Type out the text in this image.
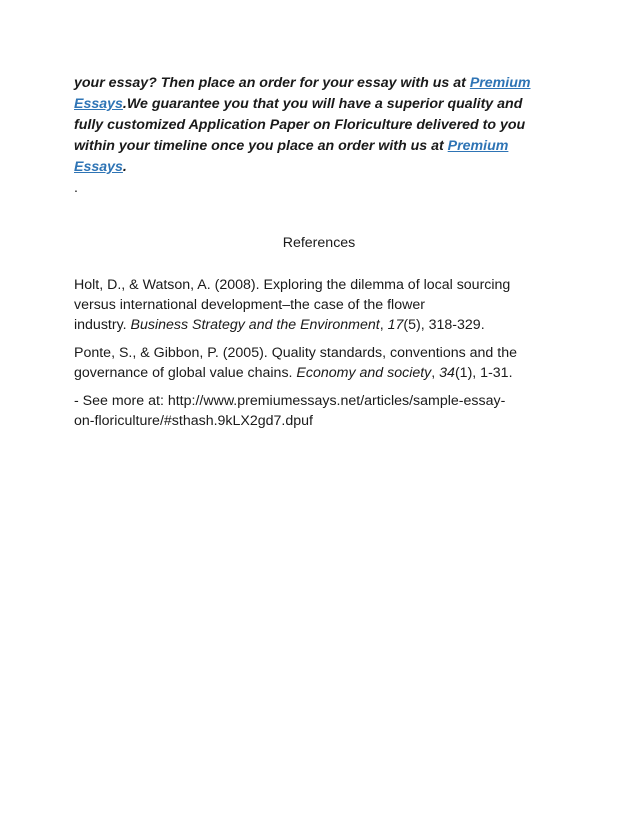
your essay? Then place an order for your essay with us at Premium
Essays.We guarantee you that you will have a superior quality and
fully customized Application Paper on Floriculture delivered to you
within your timeline once you place an order with us at Premium
Essays.
.
References
Holt, D., & Watson, A. (2008). Exploring the dilemma of local sourcing
versus international development–the case of the flower
industry. Business Strategy and the Environment, 17(5), 318-329.
Ponte, S., & Gibbon, P. (2005). Quality standards, conventions and the
governance of global value chains. Economy and society, 34(1), 1-31.
- See more at: http://www.premiumessays.net/articles/sample-essay-
on-floriculture/#sthash.9kLX2gd7.dpuf
